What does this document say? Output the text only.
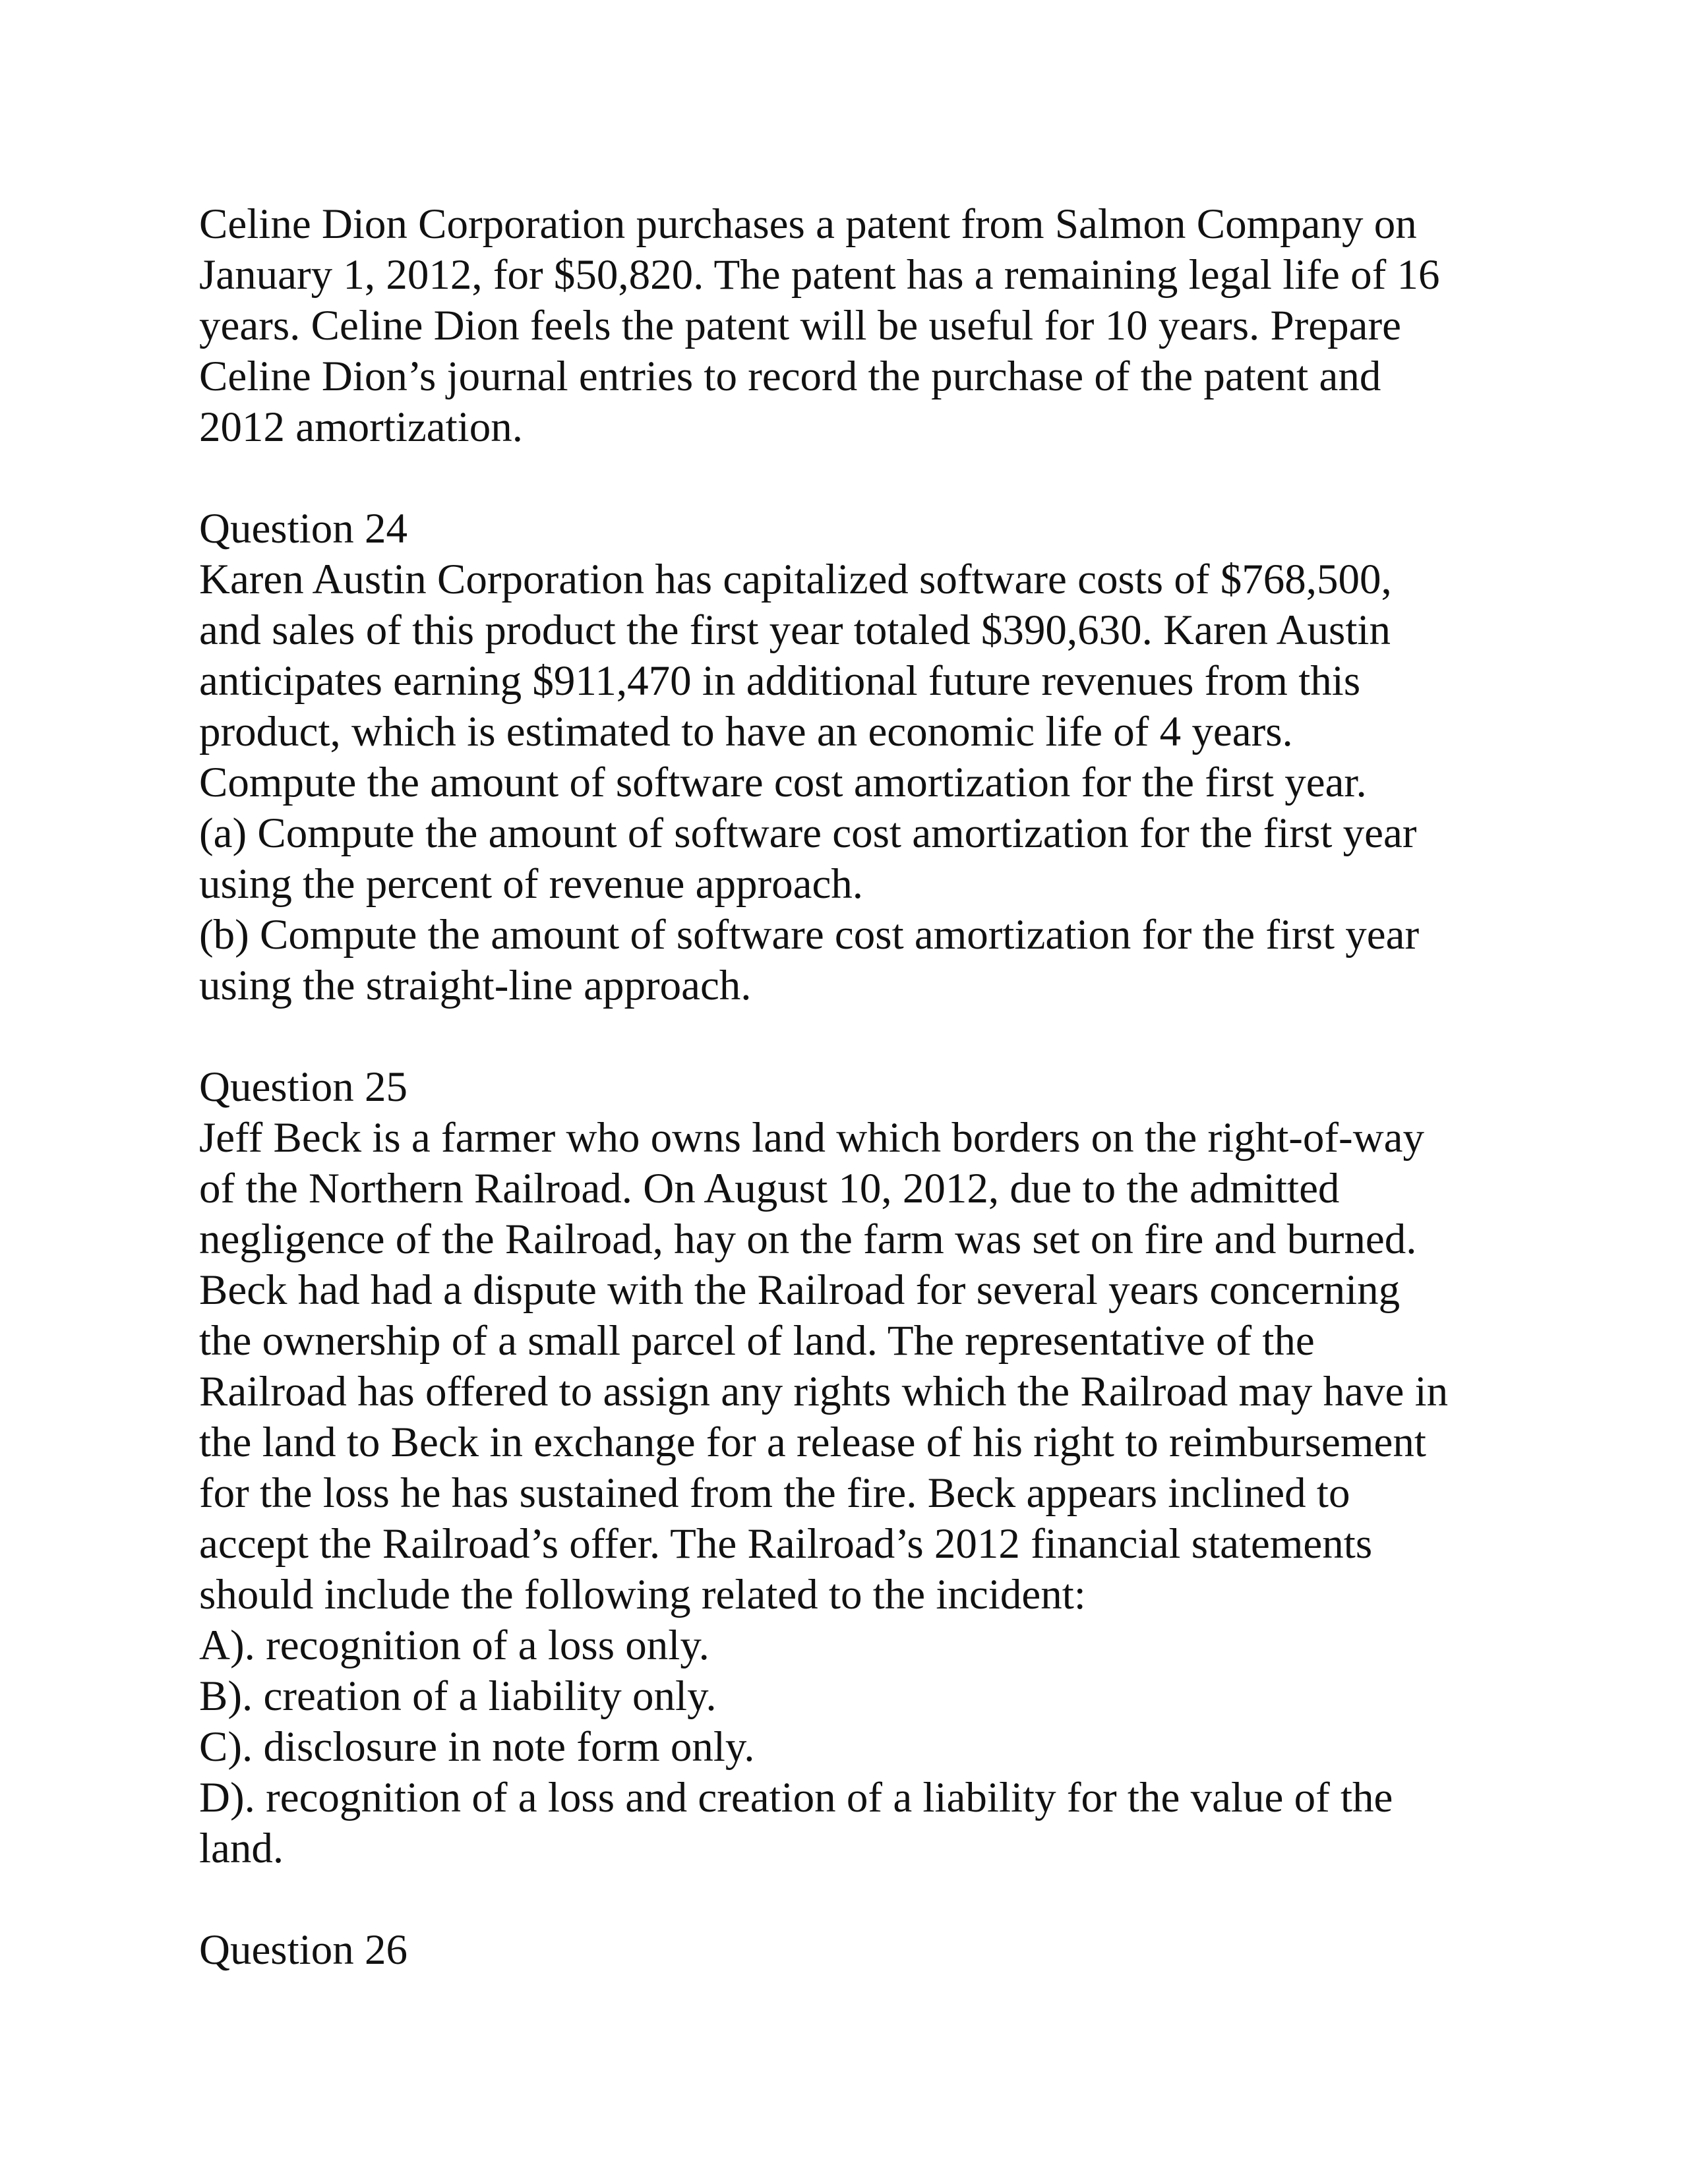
Celine Dion Corporation purchases a patent from Salmon Company on
January 1, 2012, for $50,820. The patent has a remaining legal life of 16
years. Celine Dion feels the patent will be useful for 10 years. Prepare
Celine Dion’s journal entries to record the purchase of the patent and
2012 amortization.
Question 24
Karen Austin Corporation has capitalized software costs of $768,500,
and sales of this product the first year totaled $390,630. Karen Austin
anticipates earning $911,470 in additional future revenues from this
product, which is estimated to have an economic life of 4 years.
Compute the amount of software cost amortization for the first year.
(a) Compute the amount of software cost amortization for the first year
using the percent of revenue approach.
(b) Compute the amount of software cost amortization for the first year
using the straight-line approach.
Question 25
Jeff Beck is a farmer who owns land which borders on the right-of-way
of the Northern Railroad. On August 10, 2012, due to the admitted
negligence of the Railroad, hay on the farm was set on fire and burned.
Beck had had a dispute with the Railroad for several years concerning
the ownership of a small parcel of land. The representative of the
Railroad has offered to assign any rights which the Railroad may have in
the land to Beck in exchange for a release of his right to reimbursement
for the loss he has sustained from the fire. Beck appears inclined to
accept the Railroad’s offer. The Railroad’s 2012 financial statements
should include the following related to the incident:
A). recognition of a loss only.
B). creation of a liability only.
C). disclosure in note form only.
D). recognition of a loss and creation of a liability for the value of the
land.
Question 26
